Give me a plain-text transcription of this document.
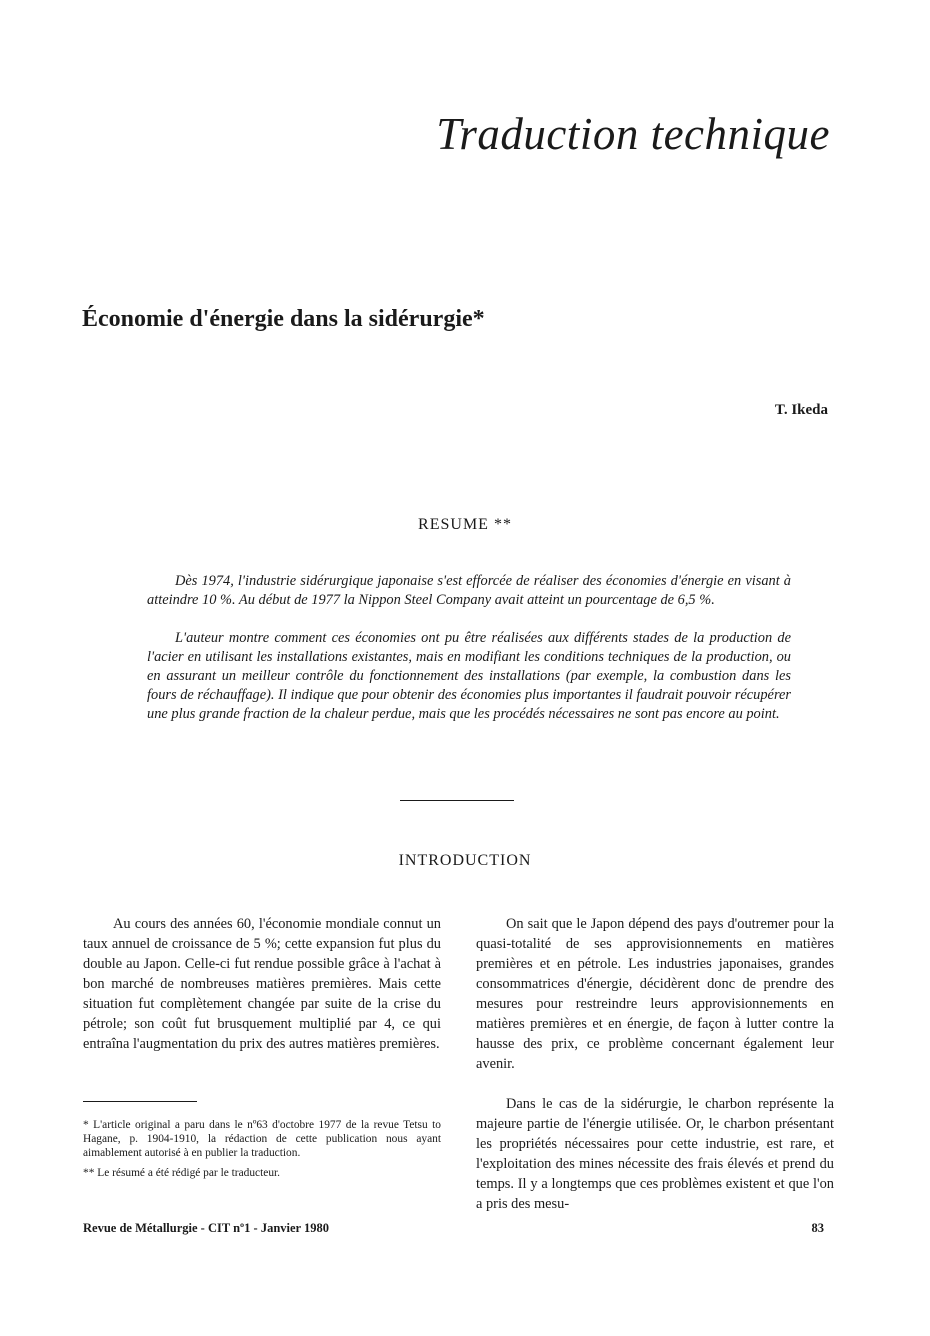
Traduction technique
Économie d'énergie dans la sidérurgie*
T. Ikeda
RESUME **

Dès 1974, l'industrie sidérurgique japonaise s'est efforcée de réaliser des économies d'énergie en visant à atteindre 10 %. Au début de 1977 la Nippon Steel Company avait atteint un pourcentage de 6,5 %.

L'auteur montre comment ces économies ont pu être réalisées aux différents stades de la production de l'acier en utilisant les installations existantes, mais en modifiant les conditions techniques de la production, ou en assurant un meilleur contrôle du fonctionnement des installations (par exemple, la combustion dans les fours de réchauffage). Il indique que pour obtenir des économies plus importantes il faudrait pouvoir récupérer une plus grande fraction de la chaleur perdue, mais que les procédés nécessaires ne sont pas encore au point.

INTRODUCTION

Au cours des années 60, l'économie mondiale connut un taux annuel de croissance de 5 %; cette expansion fut plus du double au Japon. Celle-ci fut rendue possible grâce à l'achat à bon marché de nombreuses matières premières. Mais cette situation fut complètement changée par suite de la crise du pétrole; son coût fut brusquement multiplié par 4, ce qui entraîna l'augmentation du prix des autres matières premières.

On sait que le Japon dépend des pays d'outremer pour la quasi-totalité de ses approvisionnements en matières premières et en pétrole. Les industries japonaises, grandes consommatrices d'énergie, décidèrent donc de prendre des mesures pour restreindre leurs approvisionnements en matières premières et en énergie, de façon à lutter contre la hausse des prix, ce problème concernant également leur avenir.

Dans le cas de la sidérurgie, le charbon représente la majeure partie de l'énergie utilisée. Or, le charbon présentant les propriétés nécessaires pour cette industrie, est rare, et l'exploitation des mines nécessite des frais élevés et prend du temps. Il y a longtemps que ces problèmes existent et que l'on a pris des mesu-

* L'article original a paru dans le nº63 d'octobre 1977 de la revue Tetsu to Hagane, p. 1904-1910, la rédaction de cette publication nous ayant aimablement autorisé à en publier la traduction.

** Le résumé a été rédigé par le traducteur.

Revue de Métallurgie - CIT nº1 - Janvier 1980	83
